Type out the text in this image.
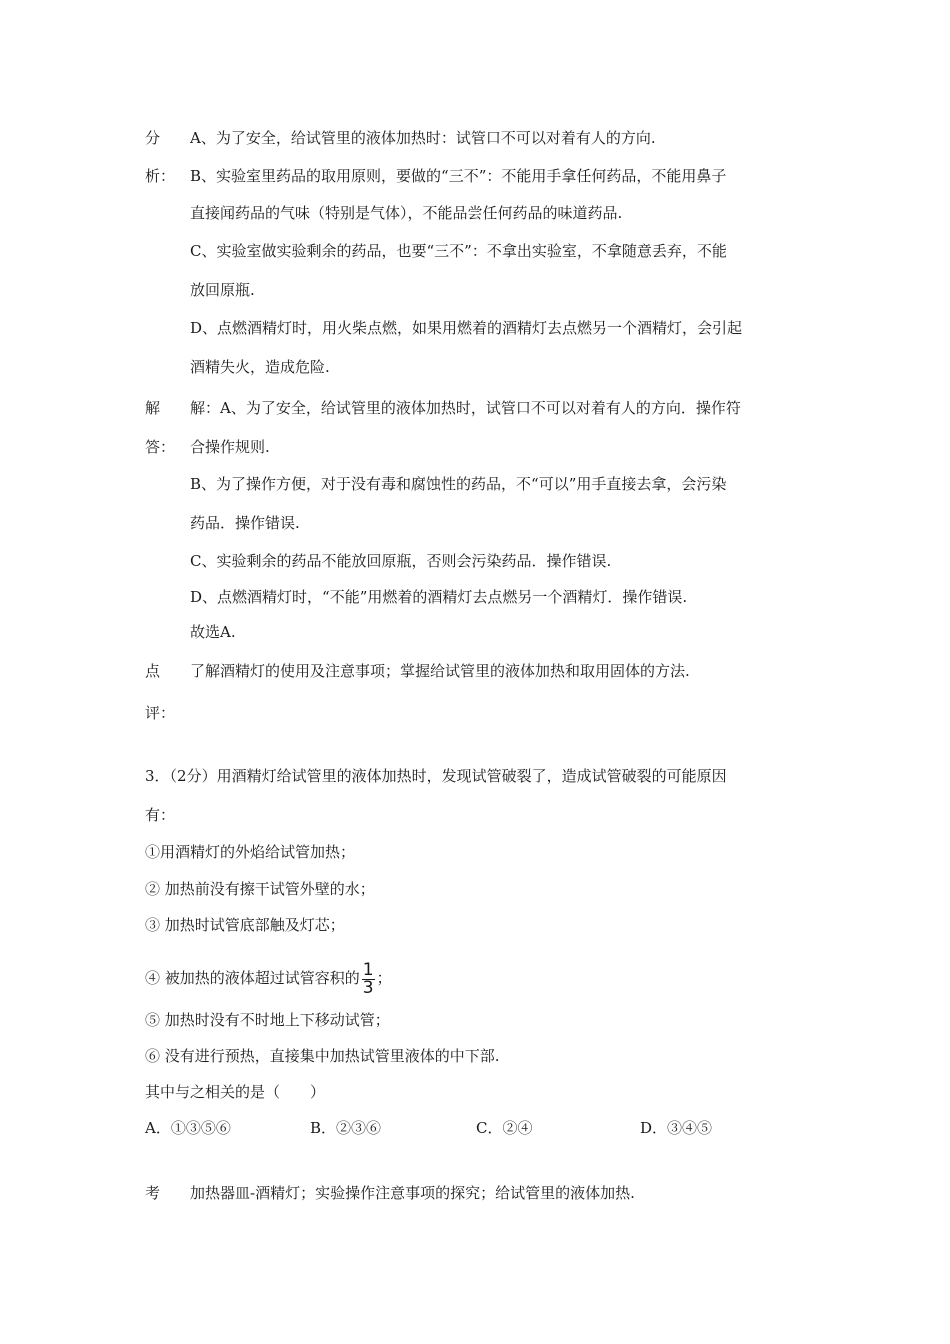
分
析：
A、为了安全，给试管里的液体加热时：试管口不可以对着有人的方向.
B、实验室里药品的取用原则，要做的“三不”：不能用手拿任何药品，不能用鼻子
直接闻药品的气味（特别是气体），不能品尝任何药品的味道药品.
C、实验室做实验剩余的药品，也要“三不”：不拿出实验室，不拿随意丢弃，不能
放回原瓶.
D、点燃酒精灯时，用火柴点燃，如果用燃着的酒精灯去点燃另一个酒精灯，会引起
酒精失火，造成危险.
解
答：
解：A、为了安全，给试管里的液体加热时，试管口不可以对着有人的方向．操作符
合操作规则.
B、为了操作方便，对于没有毒和腐蚀性的药品，不“可以”用手直接去拿，会污染
药品．操作错误.
C、实验剩余的药品不能放回原瓶，否则会污染药品．操作错误.
D、点燃酒精灯时，“不能”用燃着的酒精灯去点燃另一个酒精灯．操作错误.
故选A.
点
评：
了解酒精灯的使用及注意事项；掌握给试管里的液体加热和取用固体的方法.
3．（2分）用酒精灯给试管里的液体加热时，发现试管破裂了，造成试管破裂的可能原因
有：
①用酒精灯的外焰给试管加热；
② 加热前没有擦干试管外壁的水；
③ 加热时试管底部触及灯芯；
④ 被加热的液体超过试管容积的 $\frac{1}{3}$ ；
⑤ 加热时没有不时地上下移动试管；
⑥ 没有进行预热，直接集中加热试管里液体的中下部.
其中与之相关的是（　　）
A．①③⑤⑥	B．②③⑥	C．②④	D．③④⑤
考	加热器皿-酒精灯；实验操作注意事项的探究；给试管里的液体加热.
